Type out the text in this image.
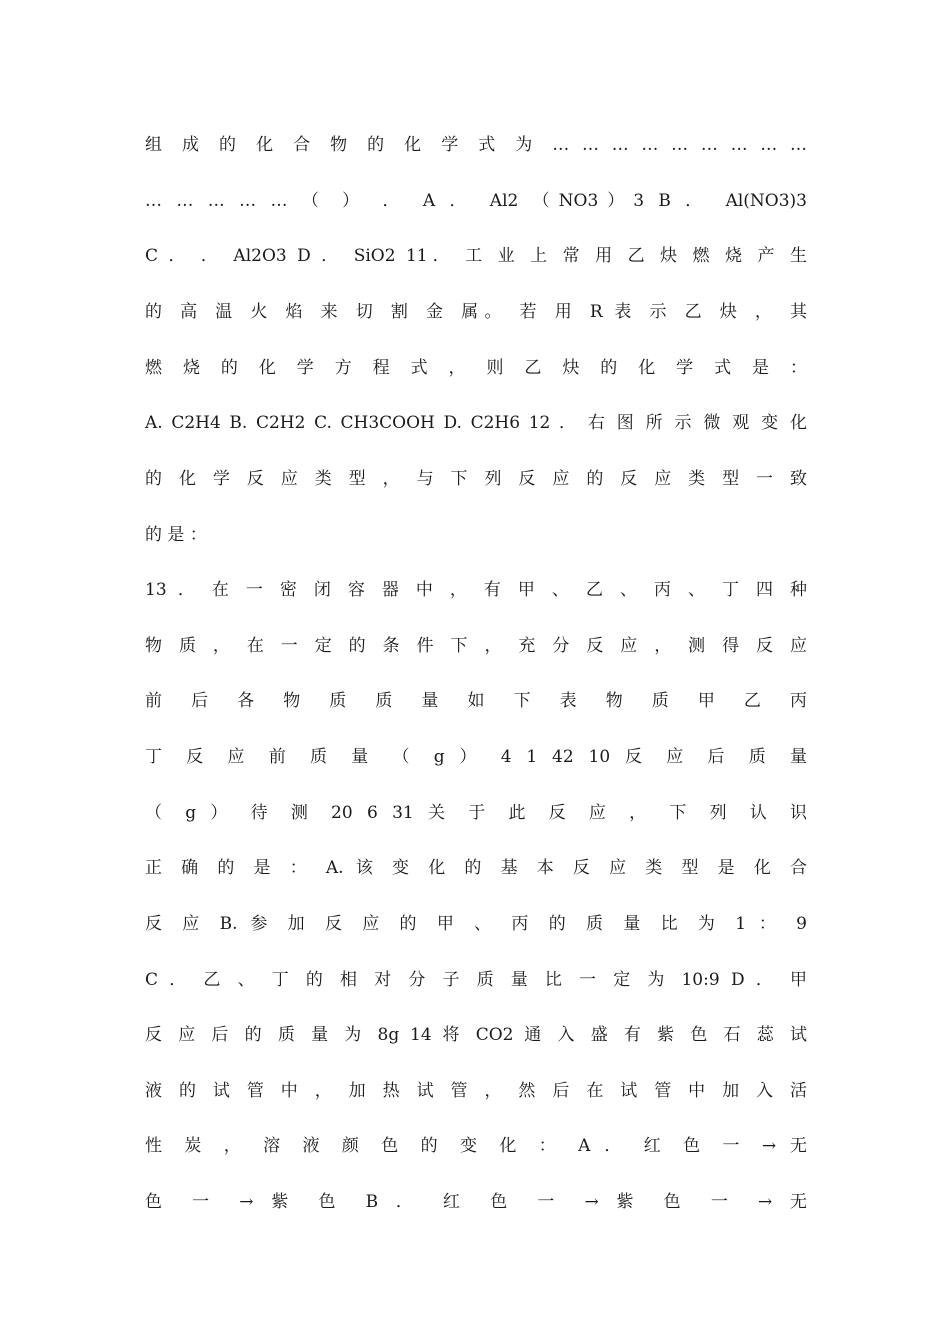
组 成 的 化 合 物 的 化 学 式 为 … … … … … … … … …
… … … … … （ ） ． A ． Al2 （NO3）3 B ． Al(NO3)3
C ． ． Al2O3 D ． SiO2 11． 工 业 上 常 用 乙 炔 燃 烧 产 生
的 高 温 火 焰 来 切 割 金 属。 若 用 R 表 示 乙 炔 ， 其
燃 烧 的 化 学 方 程 式 ， 则 乙 炔 的 化 学 式 是 ：
A. C2H4 B. C2H2 C. CH3COOH D. C2H6 12 ． 右 图 所 示 微 观 变 化
的 化 学 反 应 类 型 ， 与 下 列 反 应 的 反 应 类 型 一 致
的 是 ：
13 ． 在 一 密 闭 容 器 中 ， 有 甲 、 乙 、 丙 、 丁 四 种
物 质 ， 在 一 定 的 条 件 下 ， 充 分 反 应 ， 测 得 反 应
前 后 各 物 质 质 量 如 下 表 物 质 甲 乙 丙
丁 反 应 前 质 量 （ g ） 4 1 42 10 反 应 后 质 量
（ g ） 待 测 20 6 31 关 于 此 反 应 ， 下 列 认 识
正 确 的 是 ： A. 该 变 化 的 基 本 反 应 类 型 是 化 合
反 应 B. 参 加 反 应 的 甲 、 丙 的 质 量 比 为 1 ： 9
C ． 乙 、 丁 的 相 对 分 子 质 量 比 一 定 为 10:9 D ． 甲
反 应 后 的 质 量 为 8g 14 将 CO2 通 入 盛 有 紫 色 石 蕊 试
液 的 试 管 中 ， 加 热 试 管 ， 然 后 在 试 管 中 加 入 活
性 炭 ， 溶 液 颜 色 的 变 化 ： A ． 红 色 一 → 无
色 一 → 紫 色 B ． 红 色 一 → 紫 色 一 → 无
